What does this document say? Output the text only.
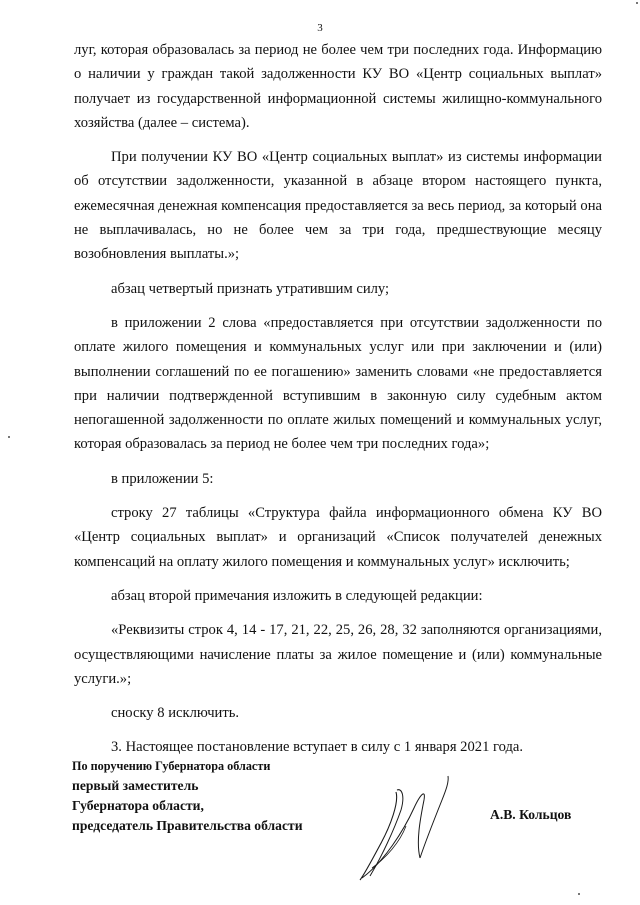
3

луг, которая образовалась за период не более чем три последних года. Информацию о наличии у граждан такой задолженности КУ ВО «Центр социальных выплат» получает из государственной информационной системы жилищно-коммунального хозяйства (далее – система).

При получении КУ ВО «Центр социальных выплат» из системы информации об отсутствии задолженности, указанной в абзаце втором настоящего пункта, ежемесячная денежная компенсация предоставляется за весь период, за который она не выплачивалась, но не более чем за три года, предшествующие месяцу возобновления выплаты.»;

абзац четвертый признать утратившим силу;

в приложении 2 слова «предоставляется при отсутствии задолженности по оплате жилого помещения и коммунальных услуг или при заключении и (или) выполнении соглашений по ее погашению» заменить словами «не предоставляется при наличии подтвержденной вступившим в законную силу судебным актом непогашенной задолженности по оплате жилых помещений и коммунальных услуг, которая образовалась за период не более чем три последних года»;

в приложении 5:

строку 27 таблицы «Структура файла информационного обмена КУ ВО «Центр социальных выплат» и организаций «Список получателей денежных компенсаций на оплату жилого помещения и коммунальных услуг» исключить;

абзац второй примечания изложить в следующей редакции:

«Реквизиты строк 4, 14 - 17, 21, 22, 25, 26, 28, 32 заполняются организациями, осуществляющими начисление платы за жилое помещение и (или) коммунальные услуги.»;

сноску 8 исключить.

3. Настоящее постановление вступает в силу с 1 января 2021 года.

По поручению Губернатора области
первый заместитель
Губернатора области,
председатель Правительства области
А.В. Кольцов
